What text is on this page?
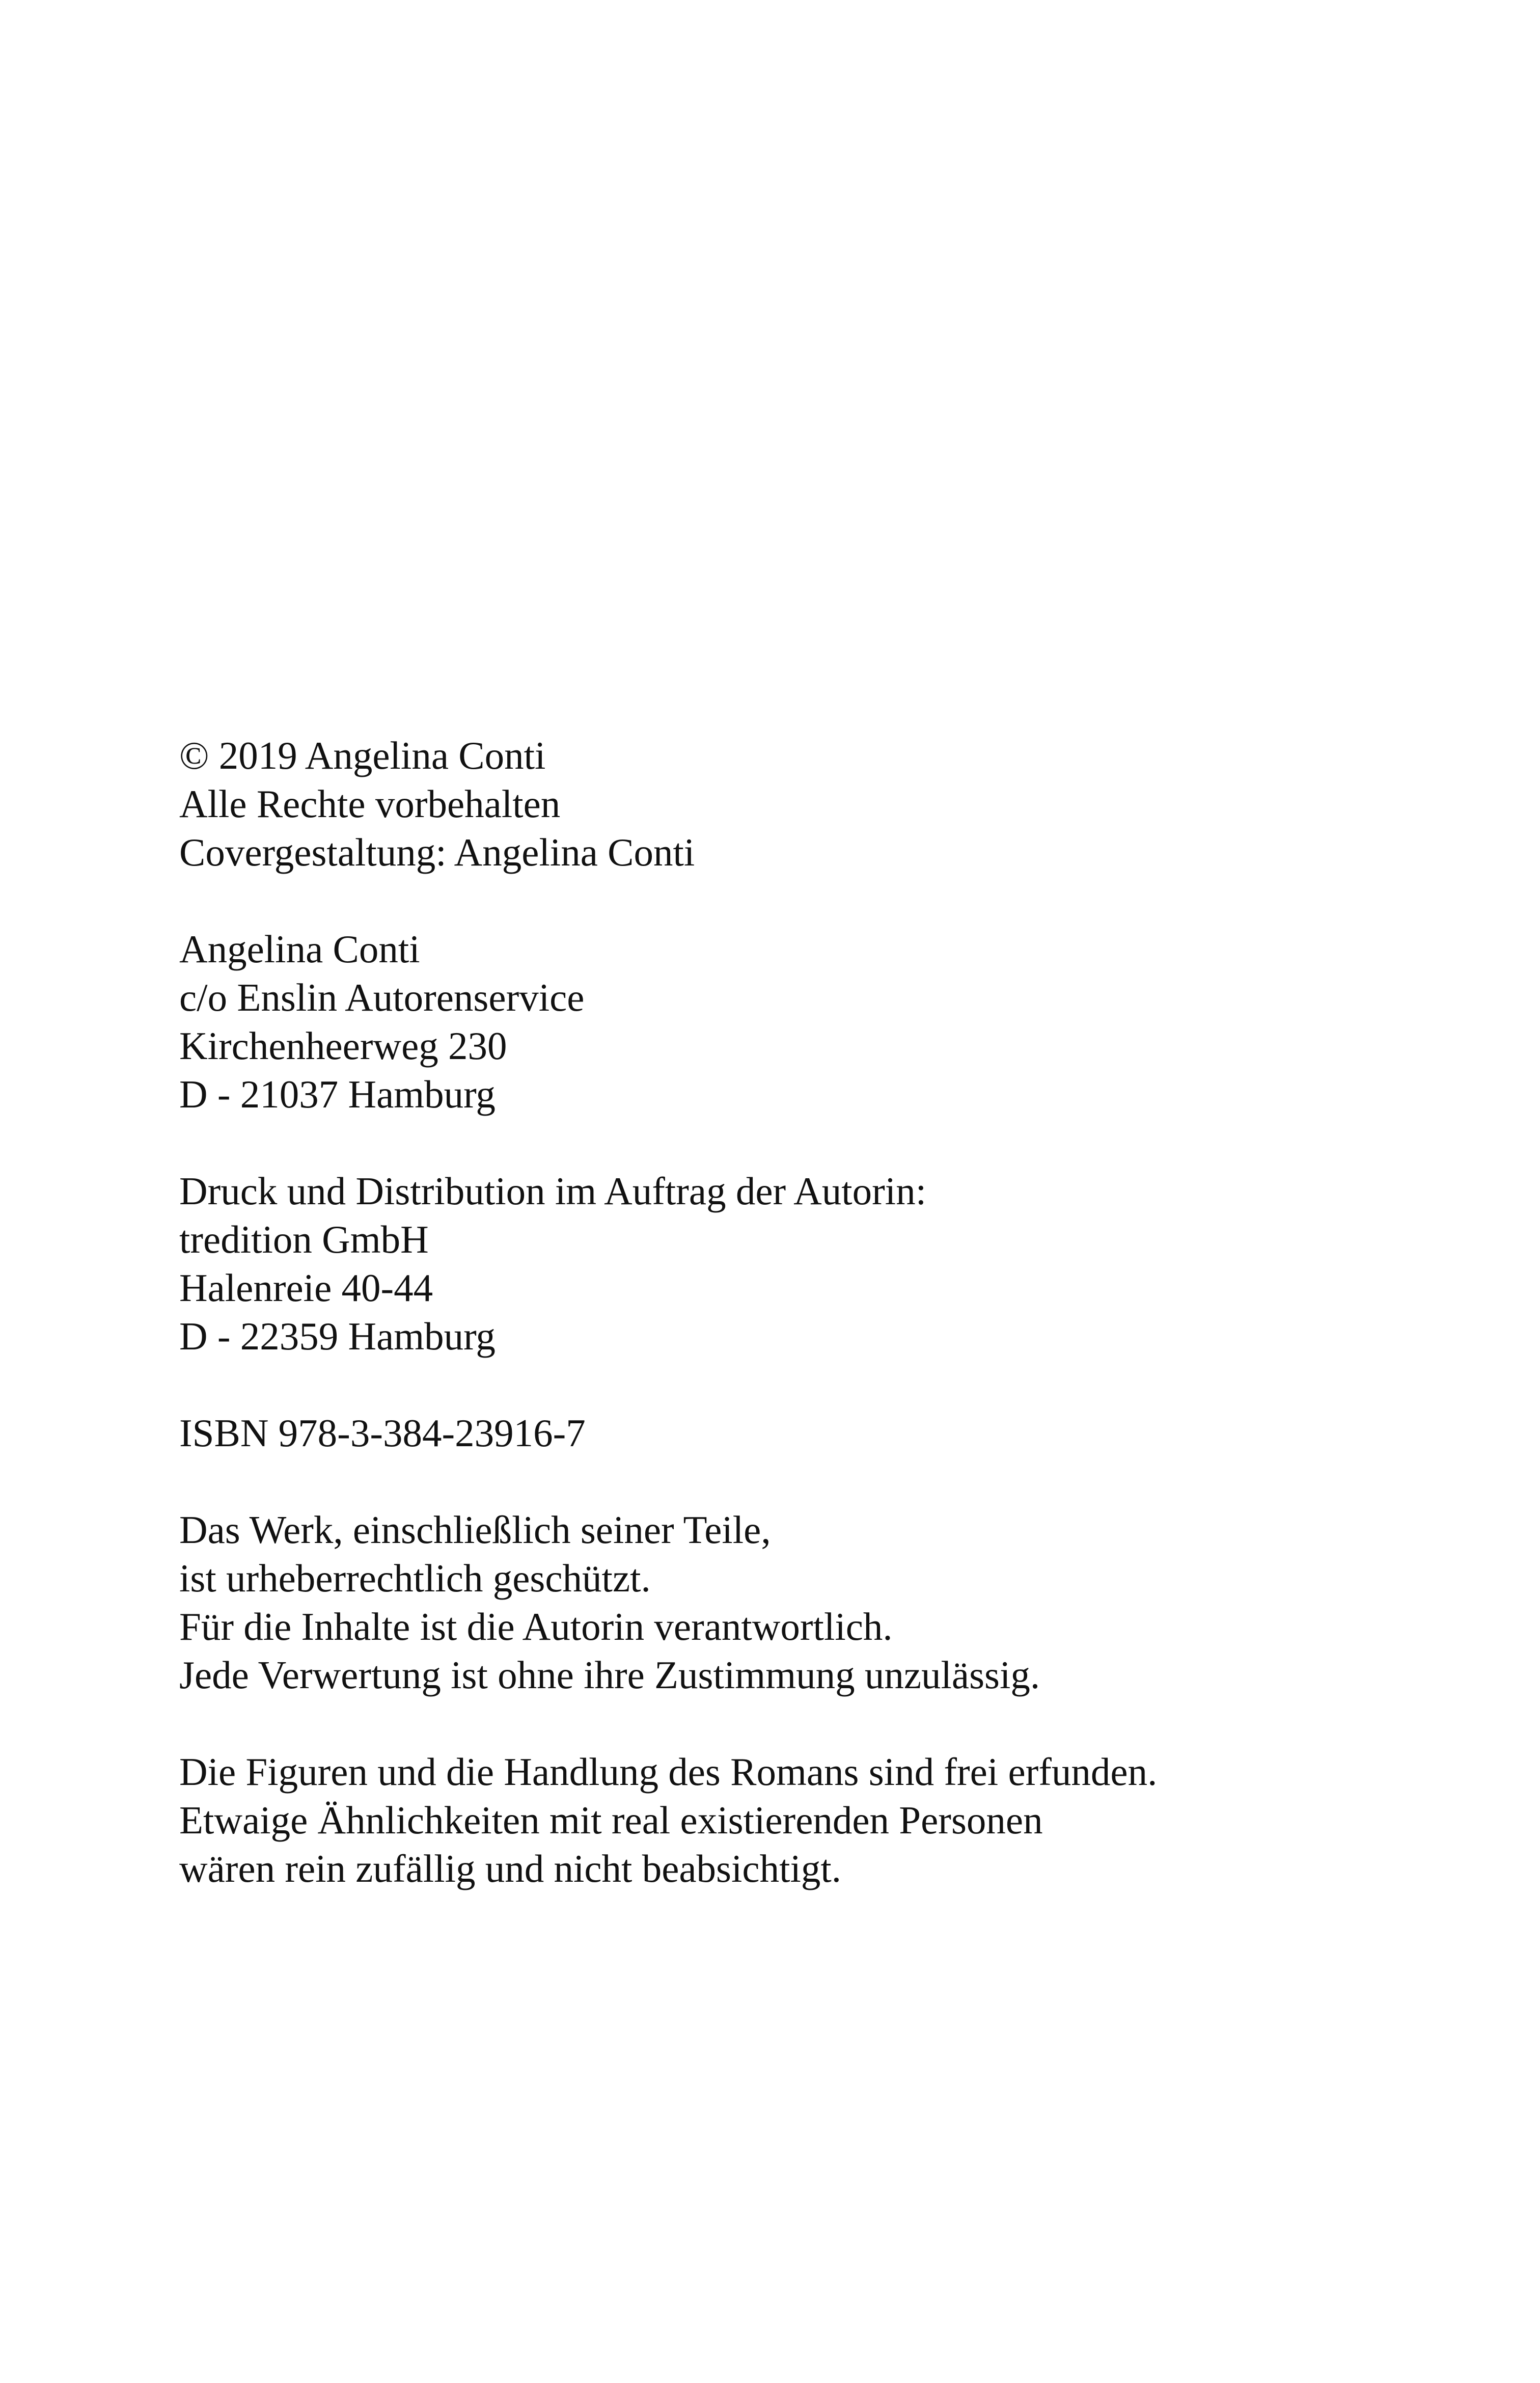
© 2019 Angelina Conti
Alle Rechte vorbehalten
Covergestaltung: Angelina Conti
Angelina Conti
c/o Enslin Autorenservice
Kirchenheerweg 230
D - 21037 Hamburg
Druck und Distribution im Auftrag der Autorin:
tredition GmbH
Halenreie 40-44
D - 22359 Hamburg
ISBN 978-3-384-23916-7
Das Werk, einschließlich seiner Teile,
ist urheberrechtlich geschützt.
Für die Inhalte ist die Autorin verantwortlich.
Jede Verwertung ist ohne ihre Zustimmung unzulässig.
Die Figuren und die Handlung des Romans sind frei erfunden.
Etwaige Ähnlichkeiten mit real existierenden Personen
wären rein zufällig und nicht beabsichtigt.
